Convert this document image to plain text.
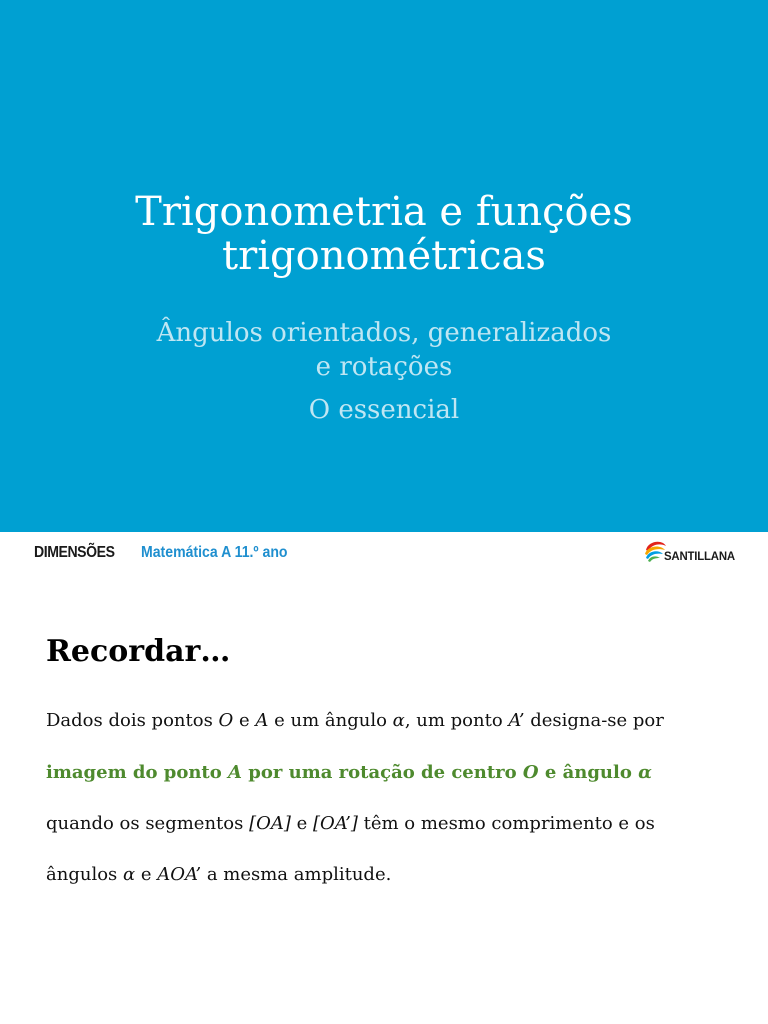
Trigonometria e funções
trigonométricas
Ângulos orientados, generalizados
e rotações
O essencial
DIMENSÕES Matemática A 11.º ano	SANTILLANA
Recordar…
Dados dois pontos O e A e um ângulo α, um ponto A’ designa-se por
imagem do ponto A por uma rotação de centro O e ângulo α
quando os segmentos [OA] e [OA’] têm o mesmo comprimento e os
ângulos α e AOA’ a mesma amplitude.
